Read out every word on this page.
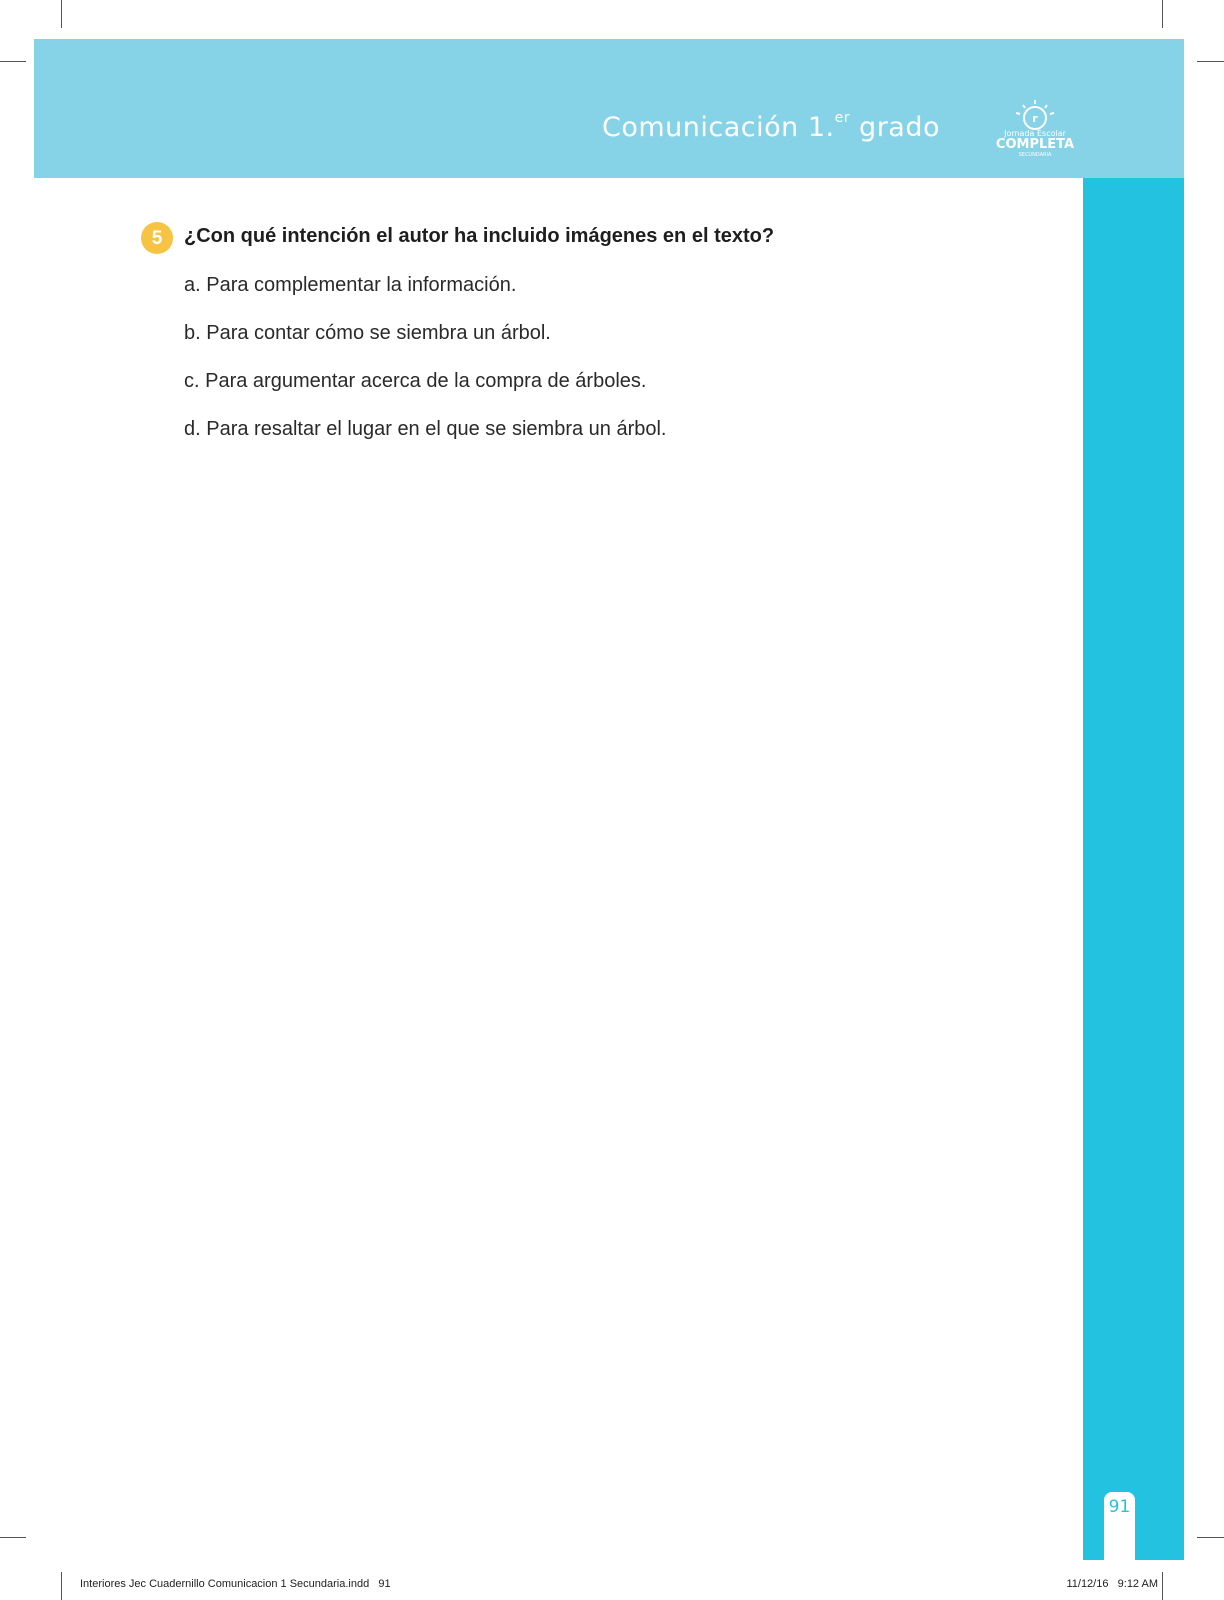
Comunicación 1.$^{er}$ grado	r
Jornada Escolar
COMPLETA
SECUNDARIA
91
5	¿Con qué intención el autor ha incluido imágenes en el texto?
a. Para complementar la información.
b. Para contar cómo se siembra un árbol.
c. Para argumentar acerca de la compra de árboles.
d. Para resaltar el lugar en el que se siembra un árbol.
Interiores Jec Cuadernillo Comunicacion 1 Secundaria.indd   91	11/12/16   9:12 AM
